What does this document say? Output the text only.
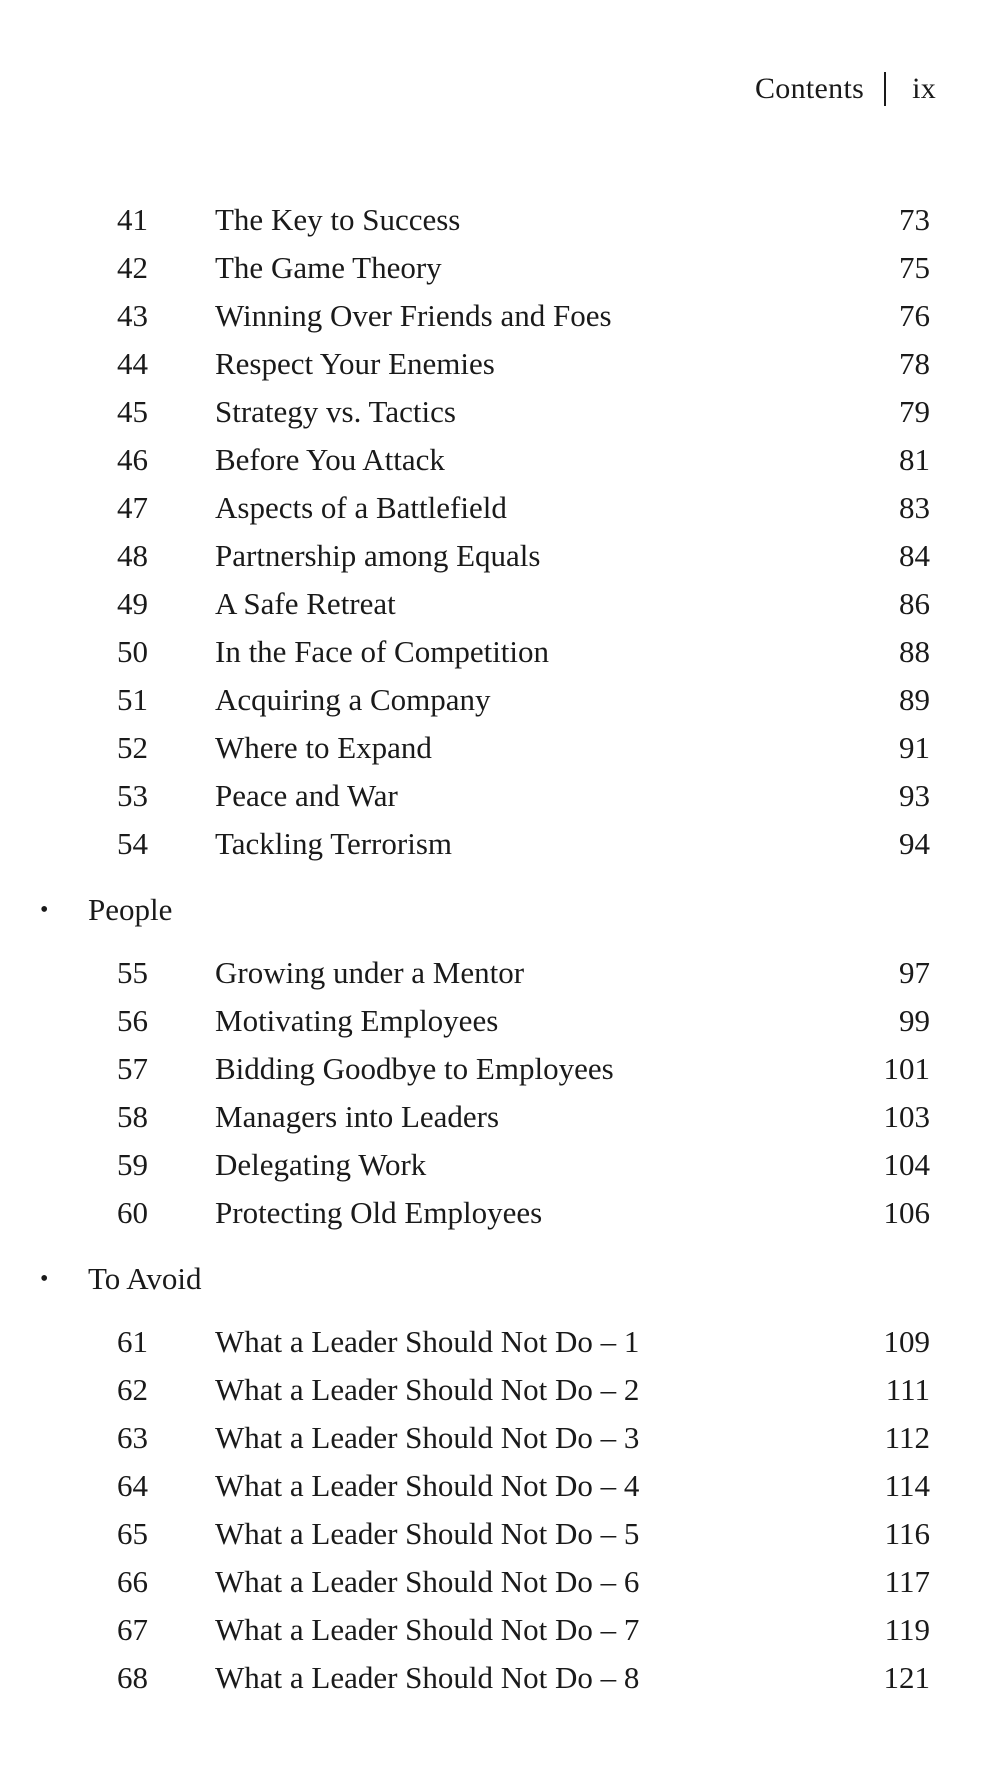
Contents ix
41	The Key to Success	73
42	The Game Theory	75
43	Winning Over Friends and Foes	76
44	Respect Your Enemies	78
45	Strategy vs. Tactics	79
46	Before You Attack	81
47	Aspects of a Battlefield	83
48	Partnership among Equals	84
49	A Safe Retreat	86
50	In the Face of Competition	88
51	Acquiring a Company	89
52	Where to Expand	91
53	Peace and War	93
54	Tackling Terrorism	94
• People
55	Growing under a Mentor	97
56	Motivating Employees	99
57	Bidding Goodbye to Employees	101
58	Managers into Leaders	103
59	Delegating Work	104
60	Protecting Old Employees	106
• To Avoid
61	What a Leader Should Not Do – 1	109
62	What a Leader Should Not Do – 2	111
63	What a Leader Should Not Do – 3	112
64	What a Leader Should Not Do – 4	114
65	What a Leader Should Not Do – 5	116
66	What a Leader Should Not Do – 6	117
67	What a Leader Should Not Do – 7	119
68	What a Leader Should Not Do – 8	121
